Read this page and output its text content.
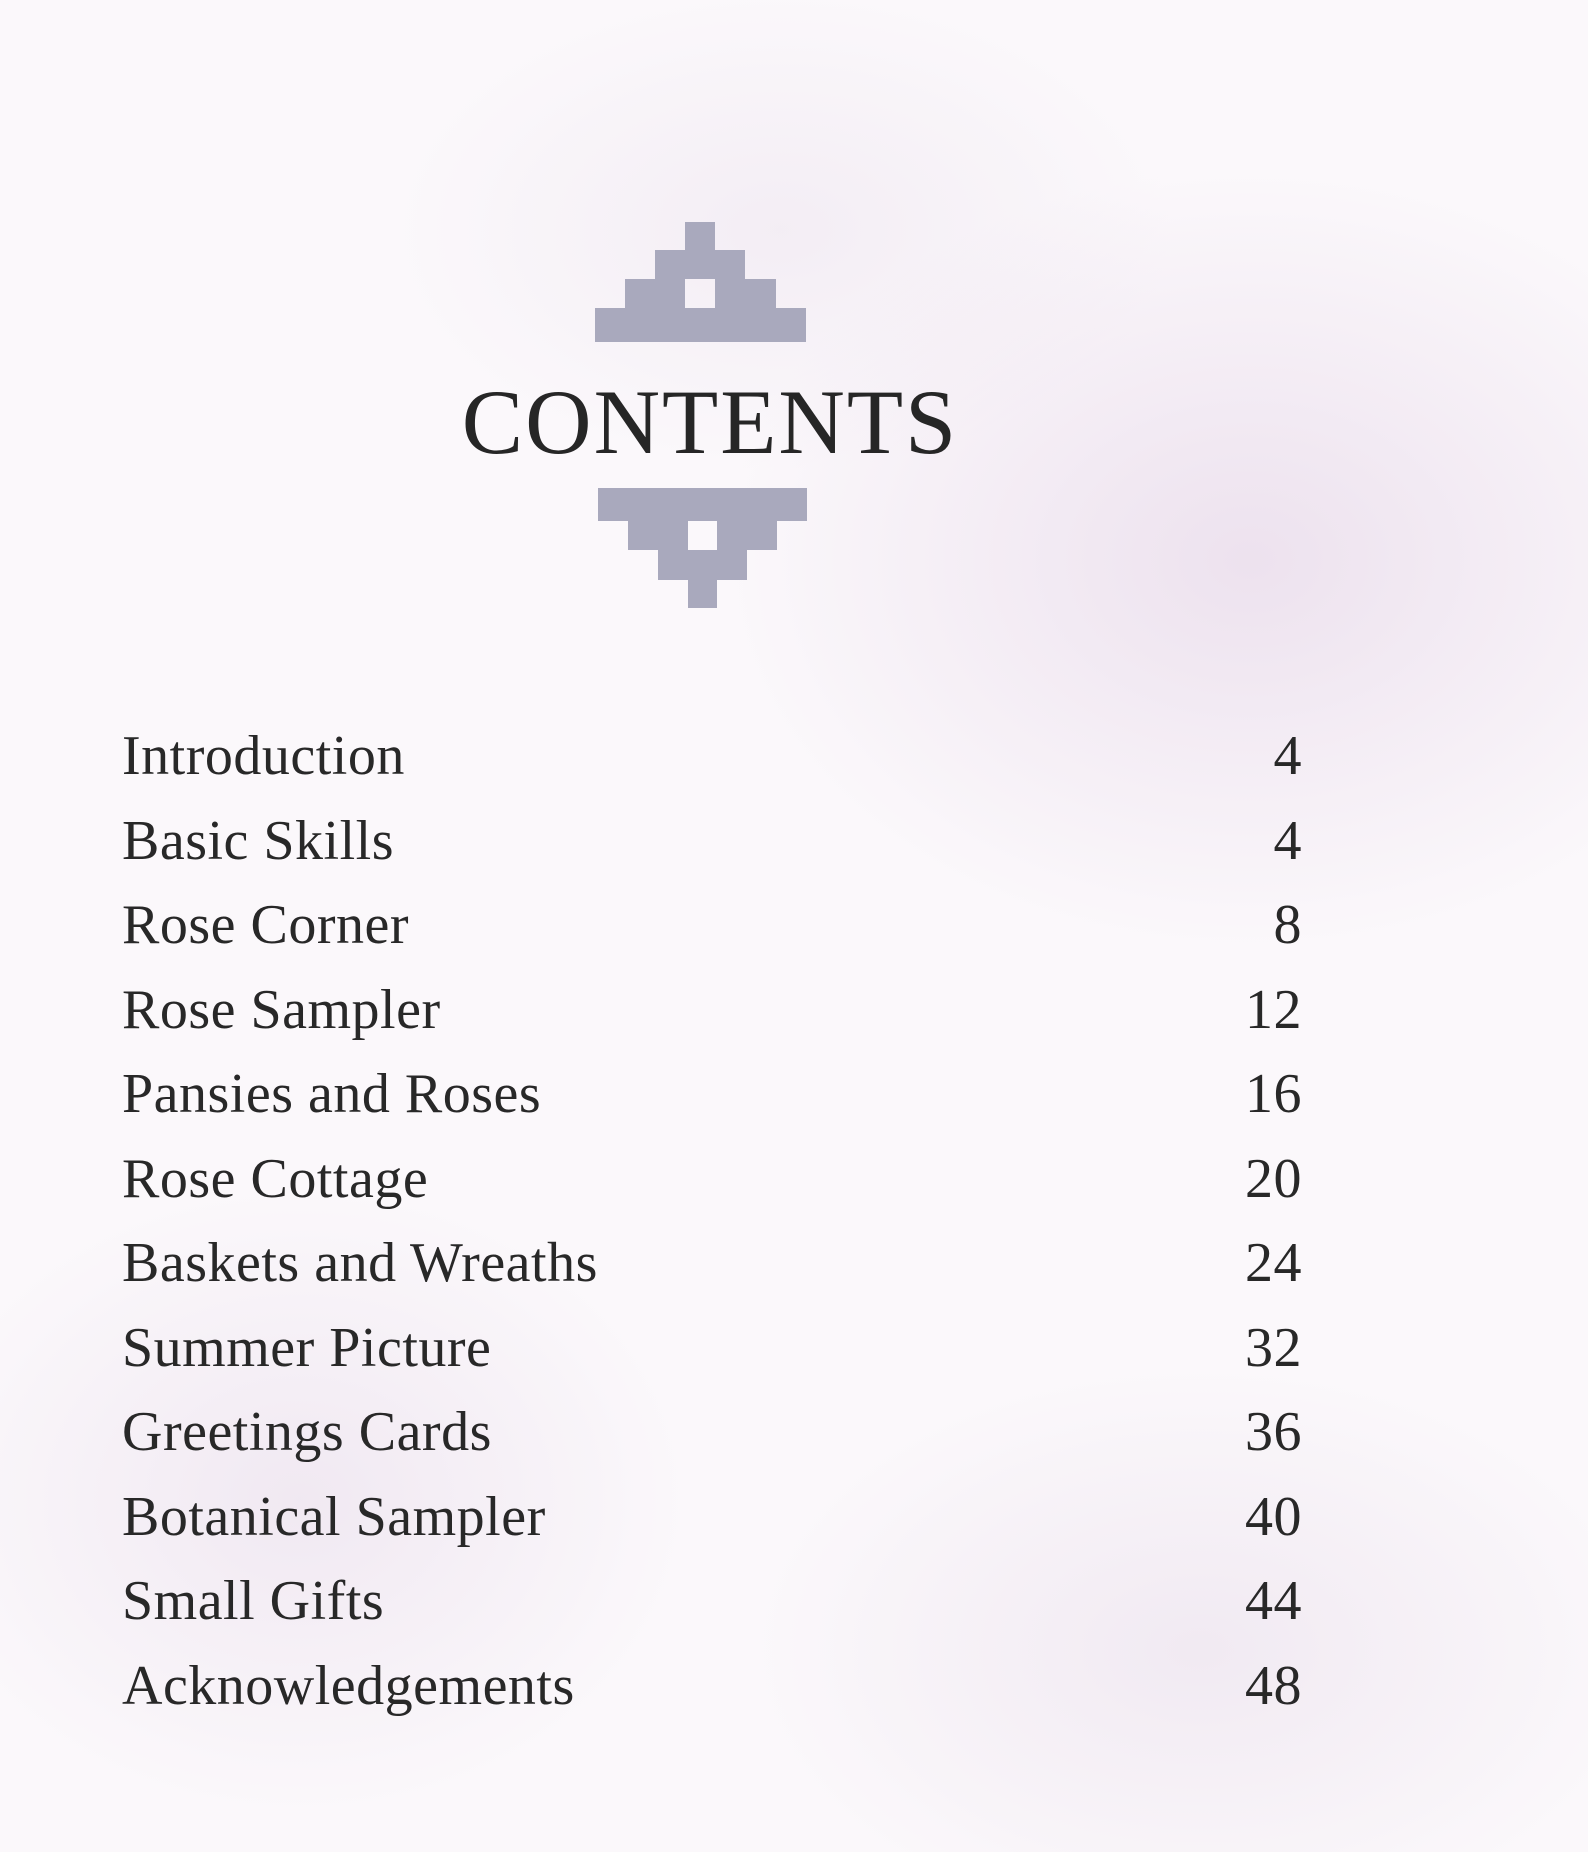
CONTENTS
Introduction	4
Basic Skills	4
Rose Corner	8
Rose Sampler	12
Pansies and Roses	16
Rose Cottage	20
Baskets and Wreaths	24
Summer Picture	32
Greetings Cards	36
Botanical Sampler	40
Small Gifts	44
Acknowledgements	48
